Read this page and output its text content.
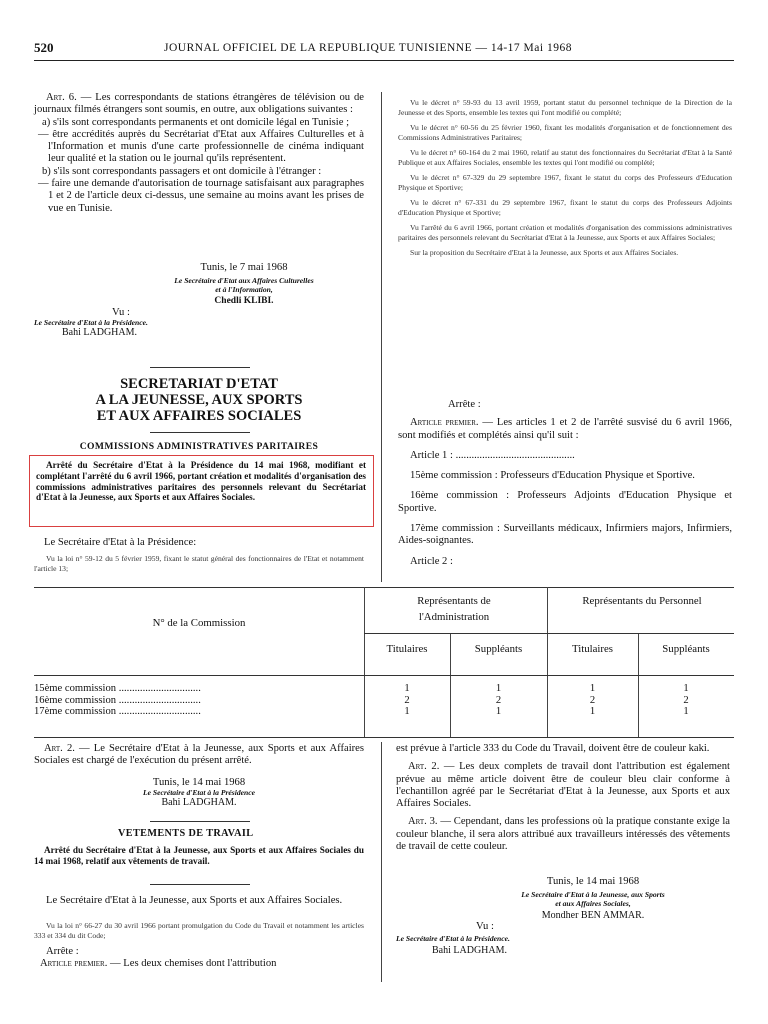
520	JOURNAL OFFICIEL DE LA REPUBLIQUE TUNISIENNE — 14-17 Mai 1968

Art. 6. — Les correspondants de stations étrangères de télévision ou de journaux filmés étrangers sont soumis, en outre, aux obligations suivantes :

a) s'ils sont correspondants permanents et ont domicile légal en Tunisie ;

— être accrédités auprès du Secrétariat d'Etat aux Affaires Culturelles et à l'Information et munis d'une carte professionnelle de cinéma indiquant leur qualité et la station ou le journal qu'ils représentent.

b) s'ils sont correspondants passagers et ont domicile à l'étranger :

— faire une demande d'autorisation de tournage satisfaisant aux paragraphes 1 et 2 de l'article deux ci-dessus, une semaine au moins avant les prises de vue en Tunisie.

Tunis, le 7 mai 1968
Le Secrétaire d'Etat aux Affaires Culturelles
et à l'Information,
Chedli KLIBI.
Vu :
Le Secrétaire d'Etat à la Présidence.
Bahi LADGHAM.
SECRETARIAT D'ETAT
A LA JEUNESSE, AUX SPORTS
ET AUX AFFAIRES SOCIALES
COMMISSIONS ADMINISTRATIVES PARITAIRES
Arrêté du Secrétaire d'Etat à la Présidence du 14 mai 1968, modifiant et complétant l'arrêté du 6 avril 1966, portant création et modalités d'organisation des commissions administratives paritaires des personnels relevant du Secrétariat d'Etat à la Jeunesse, aux Sports et aux Affaires Sociales.
Le Secrétaire d'Etat à la Présidence:

Vu la loi n° 59-12 du 5 février 1959, fixant le statut général des fonctionnaires de l'Etat et notamment l'article 13;

Vu le décret n° 59-93 du 13 avril 1959, portant statut du personnel technique de la Direction de la Jeunesse et des Sports, ensemble les textes qui l'ont modifié ou complété;

Vu le décret n° 60-56 du 25 février 1960, fixant les modalités d'organisation et de fonctionnement des Commissions Administratives Paritaires;

Vu le décret n° 60-164 du 2 mai 1960, relatif au statut des fonctionnaires du Secrétariat d'Etat à la Santé Publique et aux Affaires Sociales, ensemble les textes qui l'ont modifié ou complété;

Vu le décret n° 67-329 du 29 septembre 1967, fixant le statut du corps des Professeurs d'Education Physique et Sportive;

Vu le décret n° 67-331 du 29 septembre 1967, fixant le statut du corps des Professeurs Adjoints d'Education Physique et Sportive;

Vu l'arrêté du 6 avril 1966, portant création et modalités d'organisation des commissions administratives paritaires des personnels relevant du Secrétariat d'Etat à la Jeunesse, aux Sports et aux Affaires Sociales;

Sur la proposition du Secrétaire d'Etat à la Jeunesse, aux Sports et aux Affaires Sociales.

Arrête :

Article premier. — Les articles 1 et 2 de l'arrêté susvisé du 6 avril 1966, sont modifiés et complétés ainsi qu'il suit :

Article 1 : .............................................

15ème commission : Professeurs d'Education Physique et Sportive.

16ème commission : Professeurs Adjoints d'Education Physique et Sportive.

17ème commission : Surveillants médicaux, Infirmiers majors, Infirmiers, Aides-soignantes.

Article 2 :

N° de la Commission
Représentants de l'Administration
Représentants du Personnel
Titulaires	Suppléants	Titulaires	Suppléants
15ème commission ...............................	1	1	1	1
16ème commission ...............................	2	2	2	2
17ème commission ...............................	1	1	1	1

Art. 2. — Le Secrétaire d'Etat à la Jeunesse, aux Sports et aux Affaires Sociales est chargé de l'exécution du présent arrêté.

Tunis, le 14 mai 1968
Le Secrétaire d'Etat à la Présidence
Bahi LADGHAM.
VETEMENTS DE TRAVAIL
Arrêté du Secrétaire d'Etat à la Jeunesse, aux Sports et aux Affaires Sociales du 14 mai 1968, relatif aux vêtements de travail.

Le Secrétaire d'Etat à la Jeunesse, aux Sports et aux Affaires Sociales.

Vu la loi n° 66-27 du 30 avril 1966 portant promulgation du Code du Travail et notamment les articles 333 et 334 du dit Code;

Arrête :

Article premier. — Les deux chemises dont l'attribution

est prévue à l'article 333 du Code du Travail, doivent être de couleur kaki.

Art. 2. — Les deux complets de travail dont l'attribution est également prévue au même article doivent être de couleur bleu clair conforme à l'echantillon agréé par le Secrétariat d'Etat à la Jeunesse, aux Sports et aux Affaires Sociales.

Art. 3. — Cependant, dans les professions où la pratique constante exige la couleur blanche, il sera alors attribué aux travailleurs intéressés des vêtements de travail de cette couleur.

Tunis, le 14 mai 1968
Le Secrétaire d'Etat à la Jeunesse, aux Sports
et aux Affaires Sociales,
Mondher BEN AMMAR.
Vu :
Le Secrétaire d'Etat à la Présidence.
Bahi LADGHAM.
